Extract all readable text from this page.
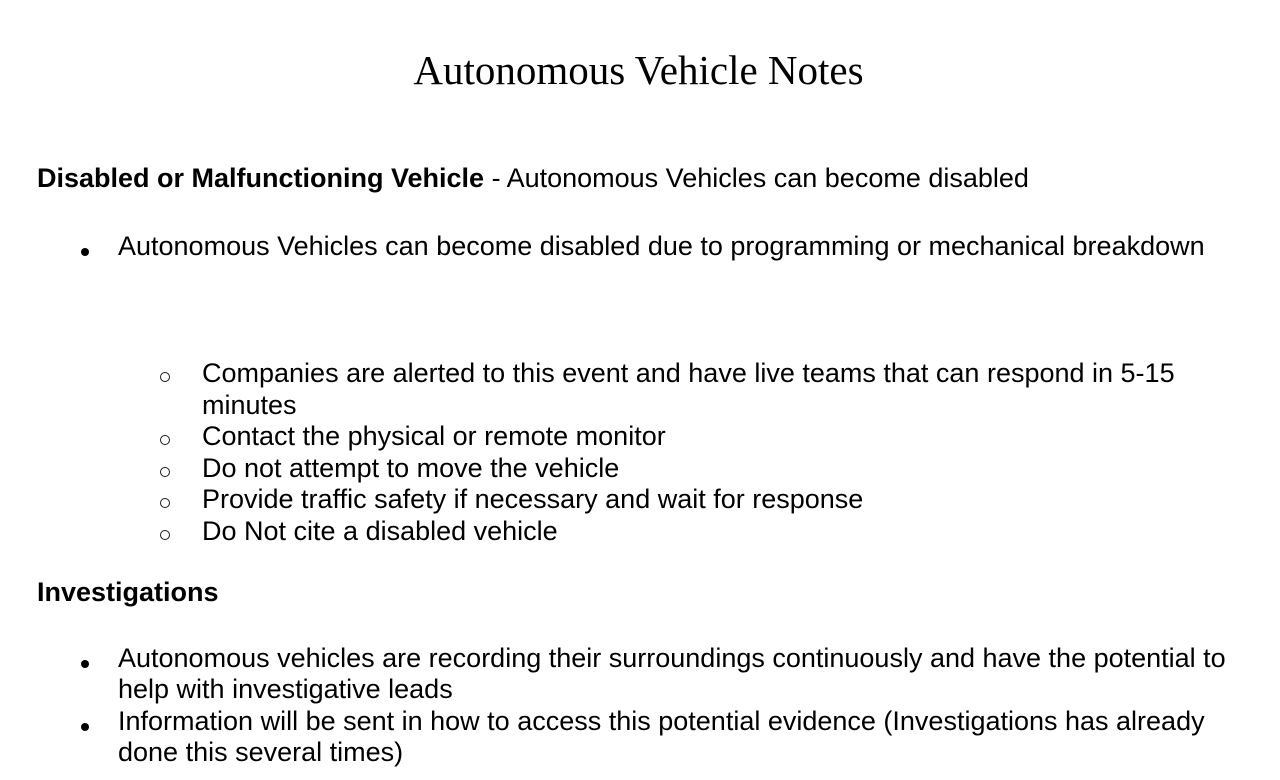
Autonomous Vehicle Notes

Disabled or Malfunctioning Vehicle - Autonomous Vehicles can become disabled

Autonomous Vehicles can become disabled due to programming or mechanical breakdown
Companies are alerted to this event and have live teams that can respond in 5-15 minutes
Contact the physical or remote monitor
Do not attempt to move the vehicle
Provide traffic safety if necessary and wait for response
Do Not cite a disabled vehicle

Investigations

Autonomous vehicles are recording their surroundings continuously and have the potential to help with investigative leads
Information will be sent in how to access this potential evidence (Investigations has already done this several times)
